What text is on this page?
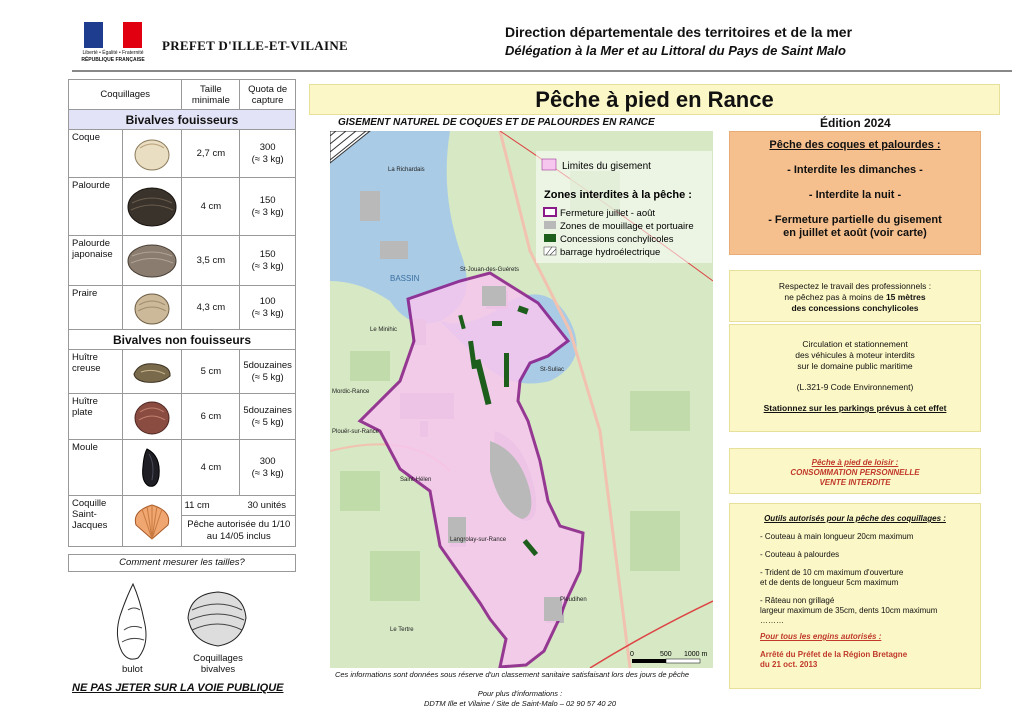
Liberté • Égalité • Fraternité
RÉPUBLIQUE FRANÇAISE
PREFET D'ILLE-ET-VILAINE
Direction départementale des territoires et de la mer
Délégation à la Mer et au Littoral du Pays de Saint Malo
Coquillages		Taille minimale	Quota de capture
Bivalves fouisseurs			
Coque		2,7 cm	300
(≈ 3 kg)

Palourde		4 cm	150
(≈ 3 kg)

Palourde japonaise		3,5 cm	150
(≈ 3 kg)

Praire		4,3 cm	100
(≈ 3 kg)

Bivalves non fouisseurs			
Huître creuse		5 cm	5douzaines
(≈ 5 kg)

Huître plate		6 cm	5douzaines
(≈ 5 kg)

Moule		4 cm	300
(≈ 3 kg)

Coquille Saint-Jacques		11 cm 30 unités
Pêche autorisée du 1/10 au 14/05 inclus	
Comment mesurer les tailles?
bulot
Coquillages bivalves
NE PAS JETER SUR LA VOIE PUBLIQUE
Pêche à pied en Rance
GISEMENT NATUREL DE COQUES ET DE PALOURDES EN RANCE	Édition 2024
St-Jouan-des-Guérets
Mordic-Rance
Langrolay-sur-Rance
La Richardais
Pleudihen
Plouër-sur-Rance
BASSIN
St-Suliac
Le Minihic
Saint-Hélen
Le Tertre
Limites du gisement
Zones interdites à la pêche :
Fermeture juillet - août
Zones de mouillage et portuaire
Concessions conchylicoles
barrage hydroélectrique
0	500 1000 m
Ces informations sont données sous réserve d'un classement sanitaire satisfaisant lors des jours de pêche
Pour plus d'informations :
DDTM Ille et Vilaine / Site de Saint-Malo – 02 90 57 40 20

Pêche des coques et palourdes :

- Interdite les dimanches -

- Interdite la nuit -

- Fermeture partielle du gisement
en juillet et août (voir carte)
Respectez le travail des professionnels :
ne pêchez pas à moins de 15 mètres
des concessions conchylicoles
Circulation et stationnement
des véhicules à moteur interdits
sur le domaine public maritime
(L.321-9 Code Environnement)
Stationnez sur les parkings prévus à cet effet
Pêche à pied de loisir :
CONSOMMATION PERSONNELLE
VENTE INTERDITE
Outils autorisés pour la pêche des coquillages :
- Couteau à main longueur 20cm maximum
- Couteau à palourdes
- Trident de 10 cm maximum d'ouverture
et de dents de longueur 5cm maximum
- Râteau non grillagé
largeur maximum de 35cm, dents 10cm maximum
………
Pour tous les engins autorisés :
Arrêté du Préfet de la Région Bretagne
du 21 oct. 2013
